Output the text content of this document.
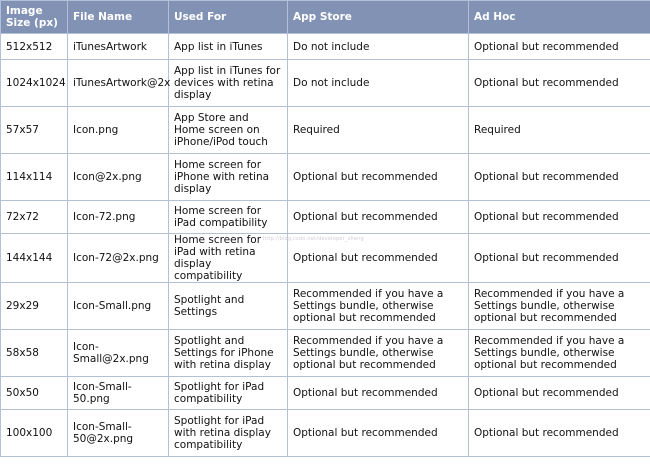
Image Size (px)	File Name	Used For	App Store	Ad Hoc
512x512	iTunesArtwork	App list in iTunes	Do not include	Optional but recommended
1024x1024	iTunesArtwork@2x	App list in iTunes for devices with retina display	Do not include	Optional but recommended
57x57	Icon.png	App Store and Home screen on iPhone/iPod touch	Required	Required
114x114	Icon@2x.png	Home screen for iPhone with retina display	Optional but recommended	Optional but recommended
72x72	Icon-72.png	Home screen for iPad compatibility	Optional but recommended	Optional but recommended
144x144	Icon-72@2x.png	Home screen for iPad with retina display compatibility	Optional but recommended	Optional but recommended
29x29	Icon-Small.png	Spotlight and Settings	Recommended if you have a Settings bundle, otherwise optional but recommended	Recommended if you have a Settings bundle, otherwise optional but recommended
58x58	Icon-Small@2x.png	Spotlight and Settings for iPhone with retina display	Recommended if you have a Settings bundle, otherwise optional but recommended	Recommended if you have a Settings bundle, otherwise optional but recommended
50x50	Icon-Small-50.png	Spotlight for iPad compatibility	Optional but recommended	Optional but recommended
100x100	Icon-Small-50@2x.png	Spotlight for iPad with retina display compatibility	Optional but recommended	Optional but recommended
http://blog.csdn.net/developer_zhang
